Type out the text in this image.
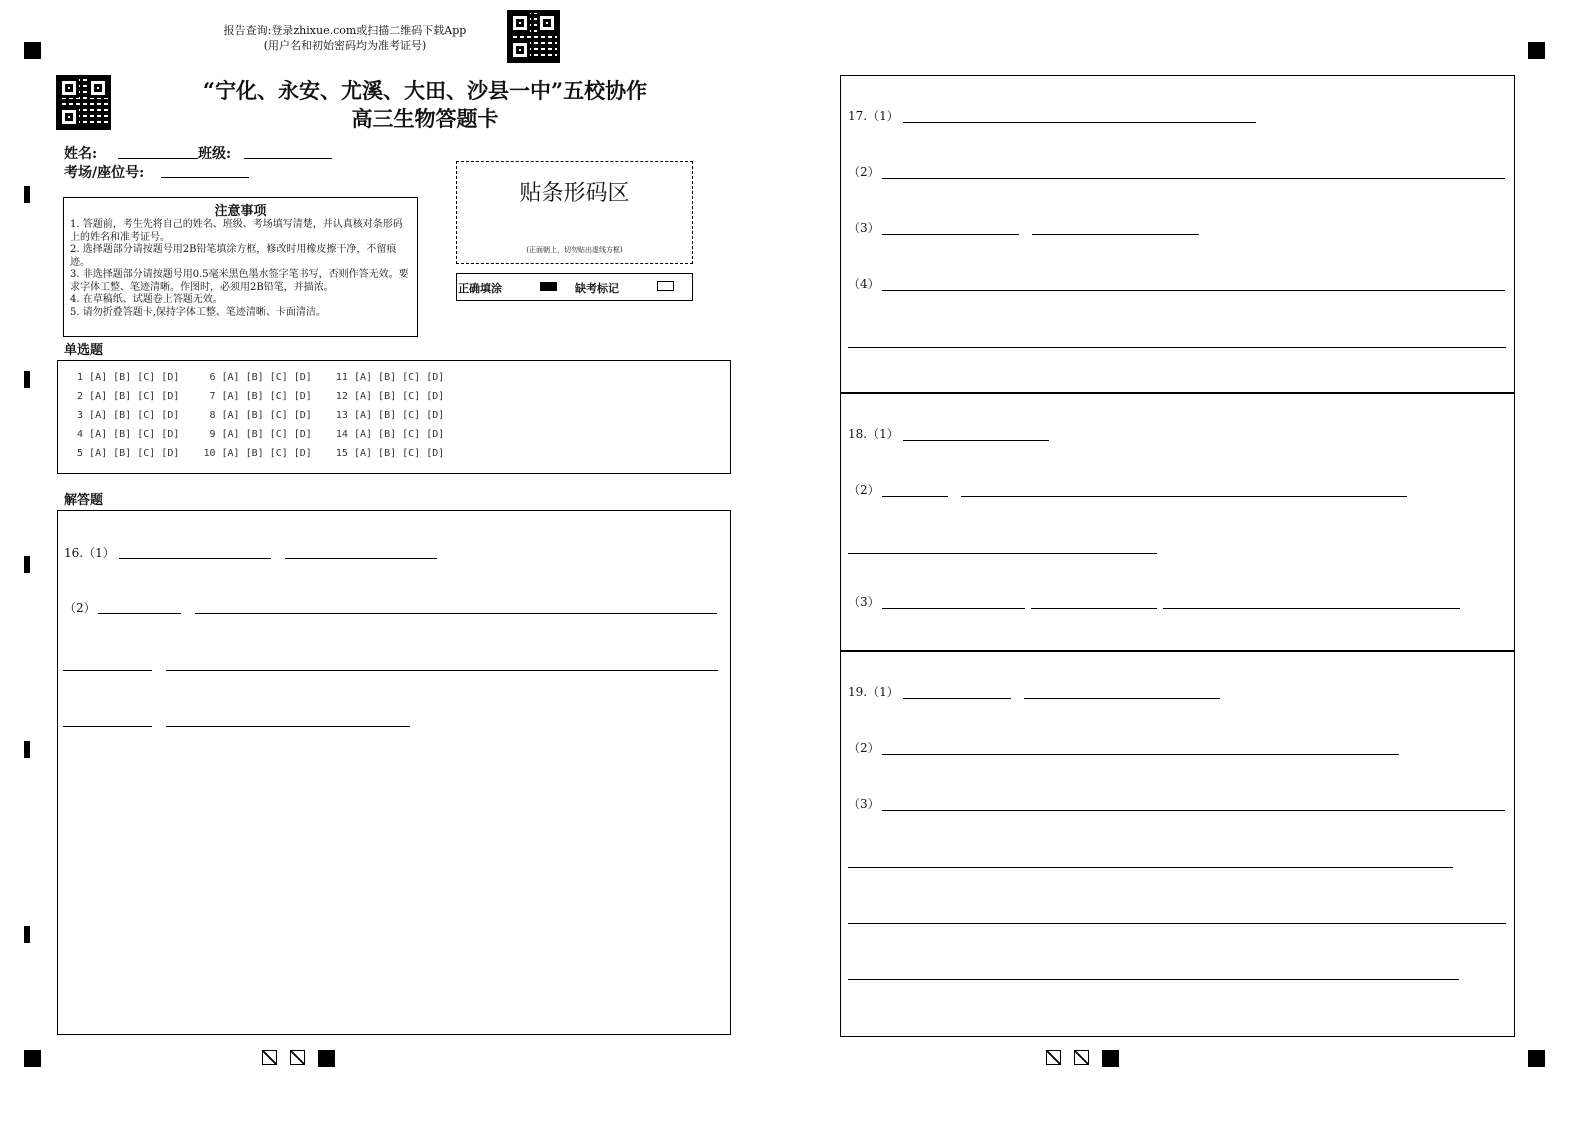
报告查询:登录zhixue.com或扫描二维码下载App
(用户名和初始密码均为准考证号)
“宁化、永安、尤溪、大田、沙县一中”五校协作
高三生物答题卡
姓名:	班级:
考场/座位号:
注意事项
1. 答题前，考生先将自己的姓名、班级、考场填写清楚，并认真核对条形码上的姓名和准考证号。
2. 选择题部分请按题号用2B铅笔填涂方框，修改时用橡皮擦干净，不留痕迹。
3. 非选择题部分请按题号用0.5毫米黑色墨水签字笔书写，否则作答无效。要求字体工整、笔迹清晰。作图时，必须用2B铅笔，并描浓。
4. 在草稿纸、试题卷上答题无效。
5. 请勿折叠答题卡,保持字体工整、笔迹清晰、卡面清洁。
贴条形码区
(正面朝上，切勿贴出虚线方框)
正确填涂	缺考标记
单选题
1 [A] [B] [C] [D]     6 [A] [B] [C] [D]    11 [A] [B] [C] [D]
2 [A] [B] [C] [D]     7 [A] [B] [C] [D]    12 [A] [B] [C] [D]
3 [A] [B] [C] [D]     8 [A] [B] [C] [D]    13 [A] [B] [C] [D]
4 [A] [B] [C] [D]     9 [A] [B] [C] [D]    14 [A] [B] [C] [D]
5 [A] [B] [C] [D]    10 [A] [B] [C] [D]    15 [A] [B] [C] [D]
解答题
16.（1）
（2）
17.（1）
（2）
（3）
（4）
18.（1）
（2）
（3）
19.（1）
（2）
（3）
